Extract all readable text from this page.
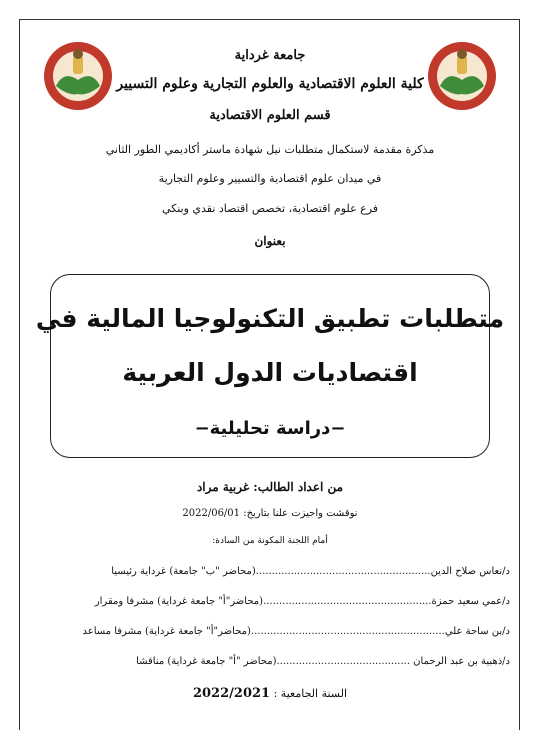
جامعة غرداية
كلية العلوم الاقتصادية والعلوم التجارية وعلوم التسيير
قسم العلوم الاقتصادية
مذكرة مقدمة لاستكمال متطلبات نيل شهادة ماستر أكاديمي الطور الثاني
في ميدان علوم اقتصادية والتسيير وعلوم التجارية
فرع علوم اقتصادية، تخصص اقتصاد نقدي وبنكي
بعنوان
متطلبات تطبيق التكنولوجيا المالية في
اقتصاديات الدول العربية
−دراسة تحليلية−
من اعداد الطالب: غربية مراد
نوقشت واجيزت علنا بتاريخ: 2022/06/01
أمام اللجنة المكونة من السادة:
د/نعاس صلاح الدين.......................................................(محاضر "ب" جامعة) غرداية رئيسيا
د/عمي سعيد حمزة.....................................................(محاضر"أ" جامعة غرداية) مشرفا ومقرار
د/بن ساحة علي.............................................................(محاضر"أ" جامعة غرداية) مشرفا مساعد
د/ذهبية بن عبد الرحمان ..........................................(محاضر "أ" جامعة غرداية) مناقشا
السنة الجامعية : 2022/2021
